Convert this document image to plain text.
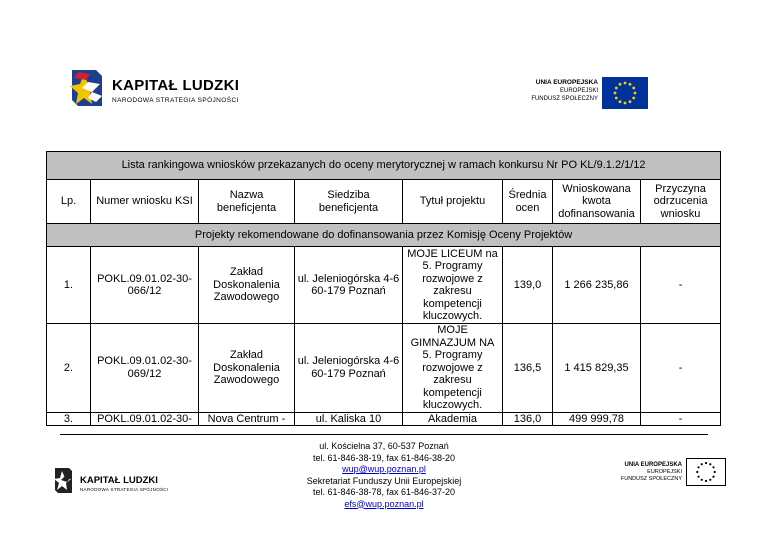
KAPITAŁ LUDZKI
NARODOWA STRATEGIA SPÓJNOŚCI
UNIA EUROPEJSKA
EUROPEJSKI
FUNDUSZ SPOŁECZNY
Lista rankingowa wniosków przekazanych do oceny merytorycznej w ramach konkursu Nr PO KL/9.1.2/1/12							
Lp.	Numer wniosku KSI	Nazwa beneficjenta	Siedziba beneficjenta	Tytuł projektu	Średnia ocen	Wnioskowana kwota dofinansowania	Przyczyna odrzucenia wniosku
Projekty rekomendowane do dofinansowania przez Komisję Oceny Projektów							
1.	POKL.09.01.02-30-066/12	Zakład Doskonalenia Zawodowego	ul. Jeleniogórska 4-6 60-179 Poznań	MOJE LICEUM na 5. Programy rozwojowe z zakresu kompetencji kluczowych.	139,0	1 266 235,86	-
2.	POKL.09.01.02-30-069/12	Zakład Doskonalenia Zawodowego	ul. Jeleniogórska 4-6 60-179 Poznań	MOJE GIMNAZJUM NA 5. Programy rozwojowe z zakresu kompetencji kluczowych.	136,5	1 415 829,35	-
3.	POKL.09.01.02-30-	Nova Centrum -	ul. Kaliska 10	Akademia	136,0	499 999,78	-
ul. Kościelna 37, 60-537 Poznań
tel. 61-846-38-19, fax 61-846-38-20
wup@wup.poznan.pl
Sekretariat Funduszy Unii Europejskiej
tel. 61-846-38-78, fax 61-846-37-20
efs@wup.poznan.pl
KAPITAŁ LUDZKI
NARODOWA STRATEGIA SPÓJNOŚCI
UNIA EUROPEJSKA
EUROPEJSKI
FUNDUSZ SPOŁECZNY
